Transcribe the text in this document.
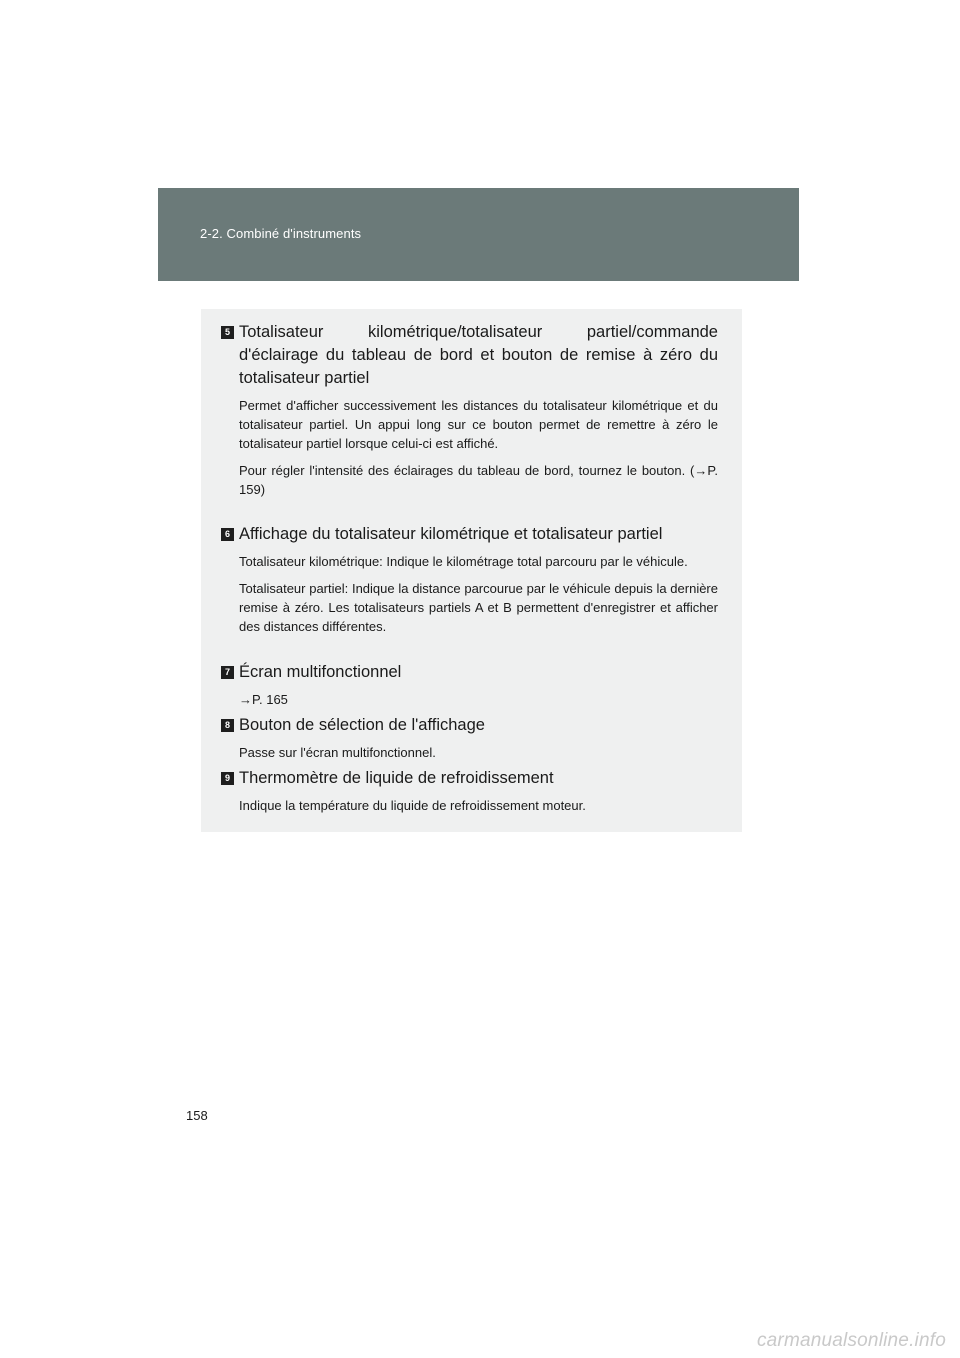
2-2. Combiné d'instruments
5 Totalisateur kilométrique/totalisateur partiel/commande d'éclairage du tableau de bord et bouton de remise à zéro du totalisateur partiel
Permet d'afficher successivement les distances du totalisateur kilométrique et du totalisateur partiel. Un appui long sur ce bouton permet de remettre à zéro le totalisateur partiel lorsque celui-ci est affiché.
Pour régler l'intensité des éclairages du tableau de bord, tournez le bouton. (→P. 159)
6 Affichage du totalisateur kilométrique et totalisateur partiel
Totalisateur kilométrique: Indique le kilométrage total parcouru par le véhicule.
Totalisateur partiel: Indique la distance parcourue par le véhicule depuis la dernière remise à zéro. Les totalisateurs partiels A et B permettent d'enregistrer et afficher des distances différentes.
7 Écran multifonctionnel
→P. 165
8 Bouton de sélection de l'affichage
Passe sur l'écran multifonctionnel.
9 Thermomètre de liquide de refroidissement
Indique la température du liquide de refroidissement moteur.
158
carmanualsonline.info
